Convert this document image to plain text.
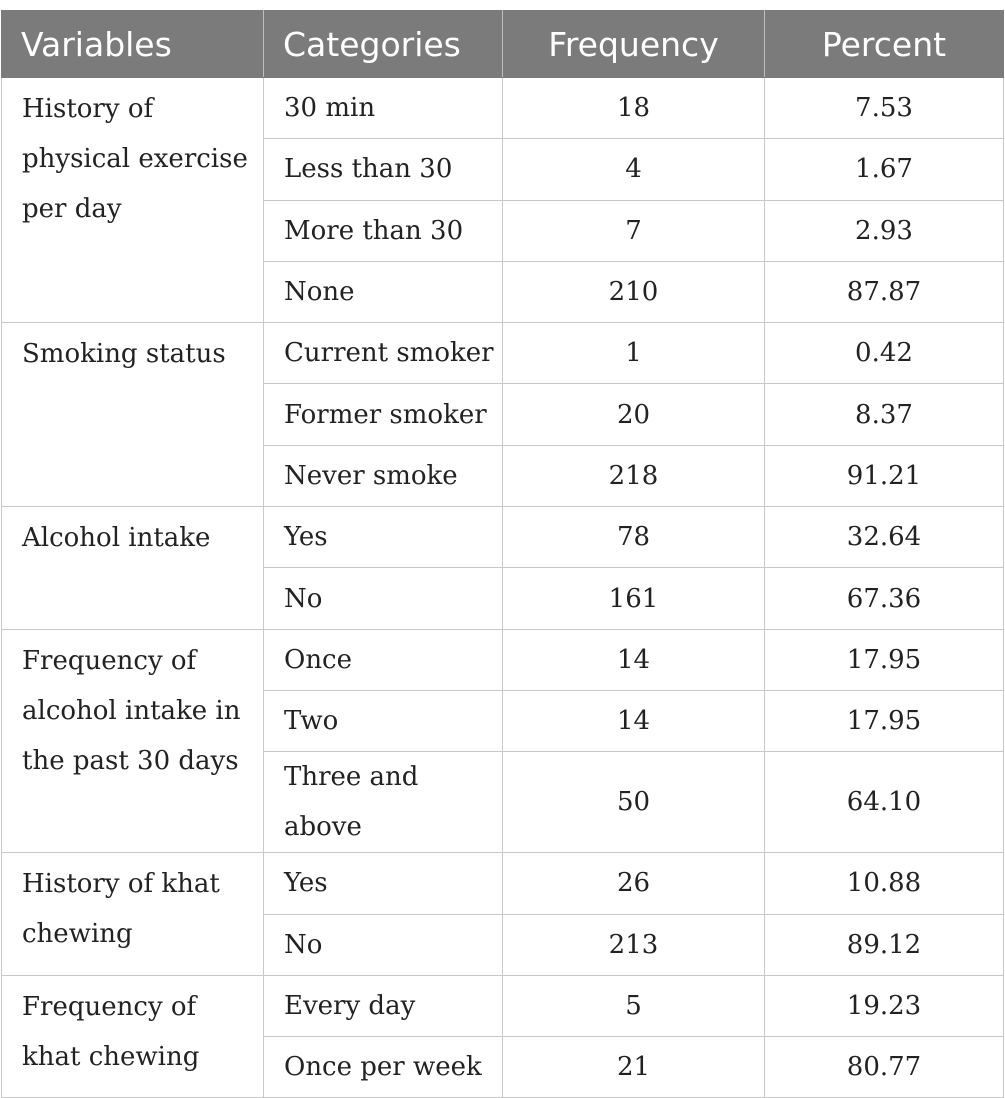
Variables	Categories	Frequency	Percent
History of physical exercise per day	30 min	18	7.53
	Less than 30	4	1.67
	More than 30	7	2.93
	None	210	87.87
Smoking status	Current smoker	1	0.42
	Former smoker	20	8.37
	Never smoke	218	91.21
Alcohol intake	Yes	78	32.64
	No	161	67.36
Frequency of alcohol intake in the past 30 days	Once	14	17.95
	Two	14	17.95
	Three and above	50	64.10
History of khat chewing	Yes	26	10.88
	No	213	89.12
Frequency of khat chewing	Every day	5	19.23
	Once per week	21	80.77
